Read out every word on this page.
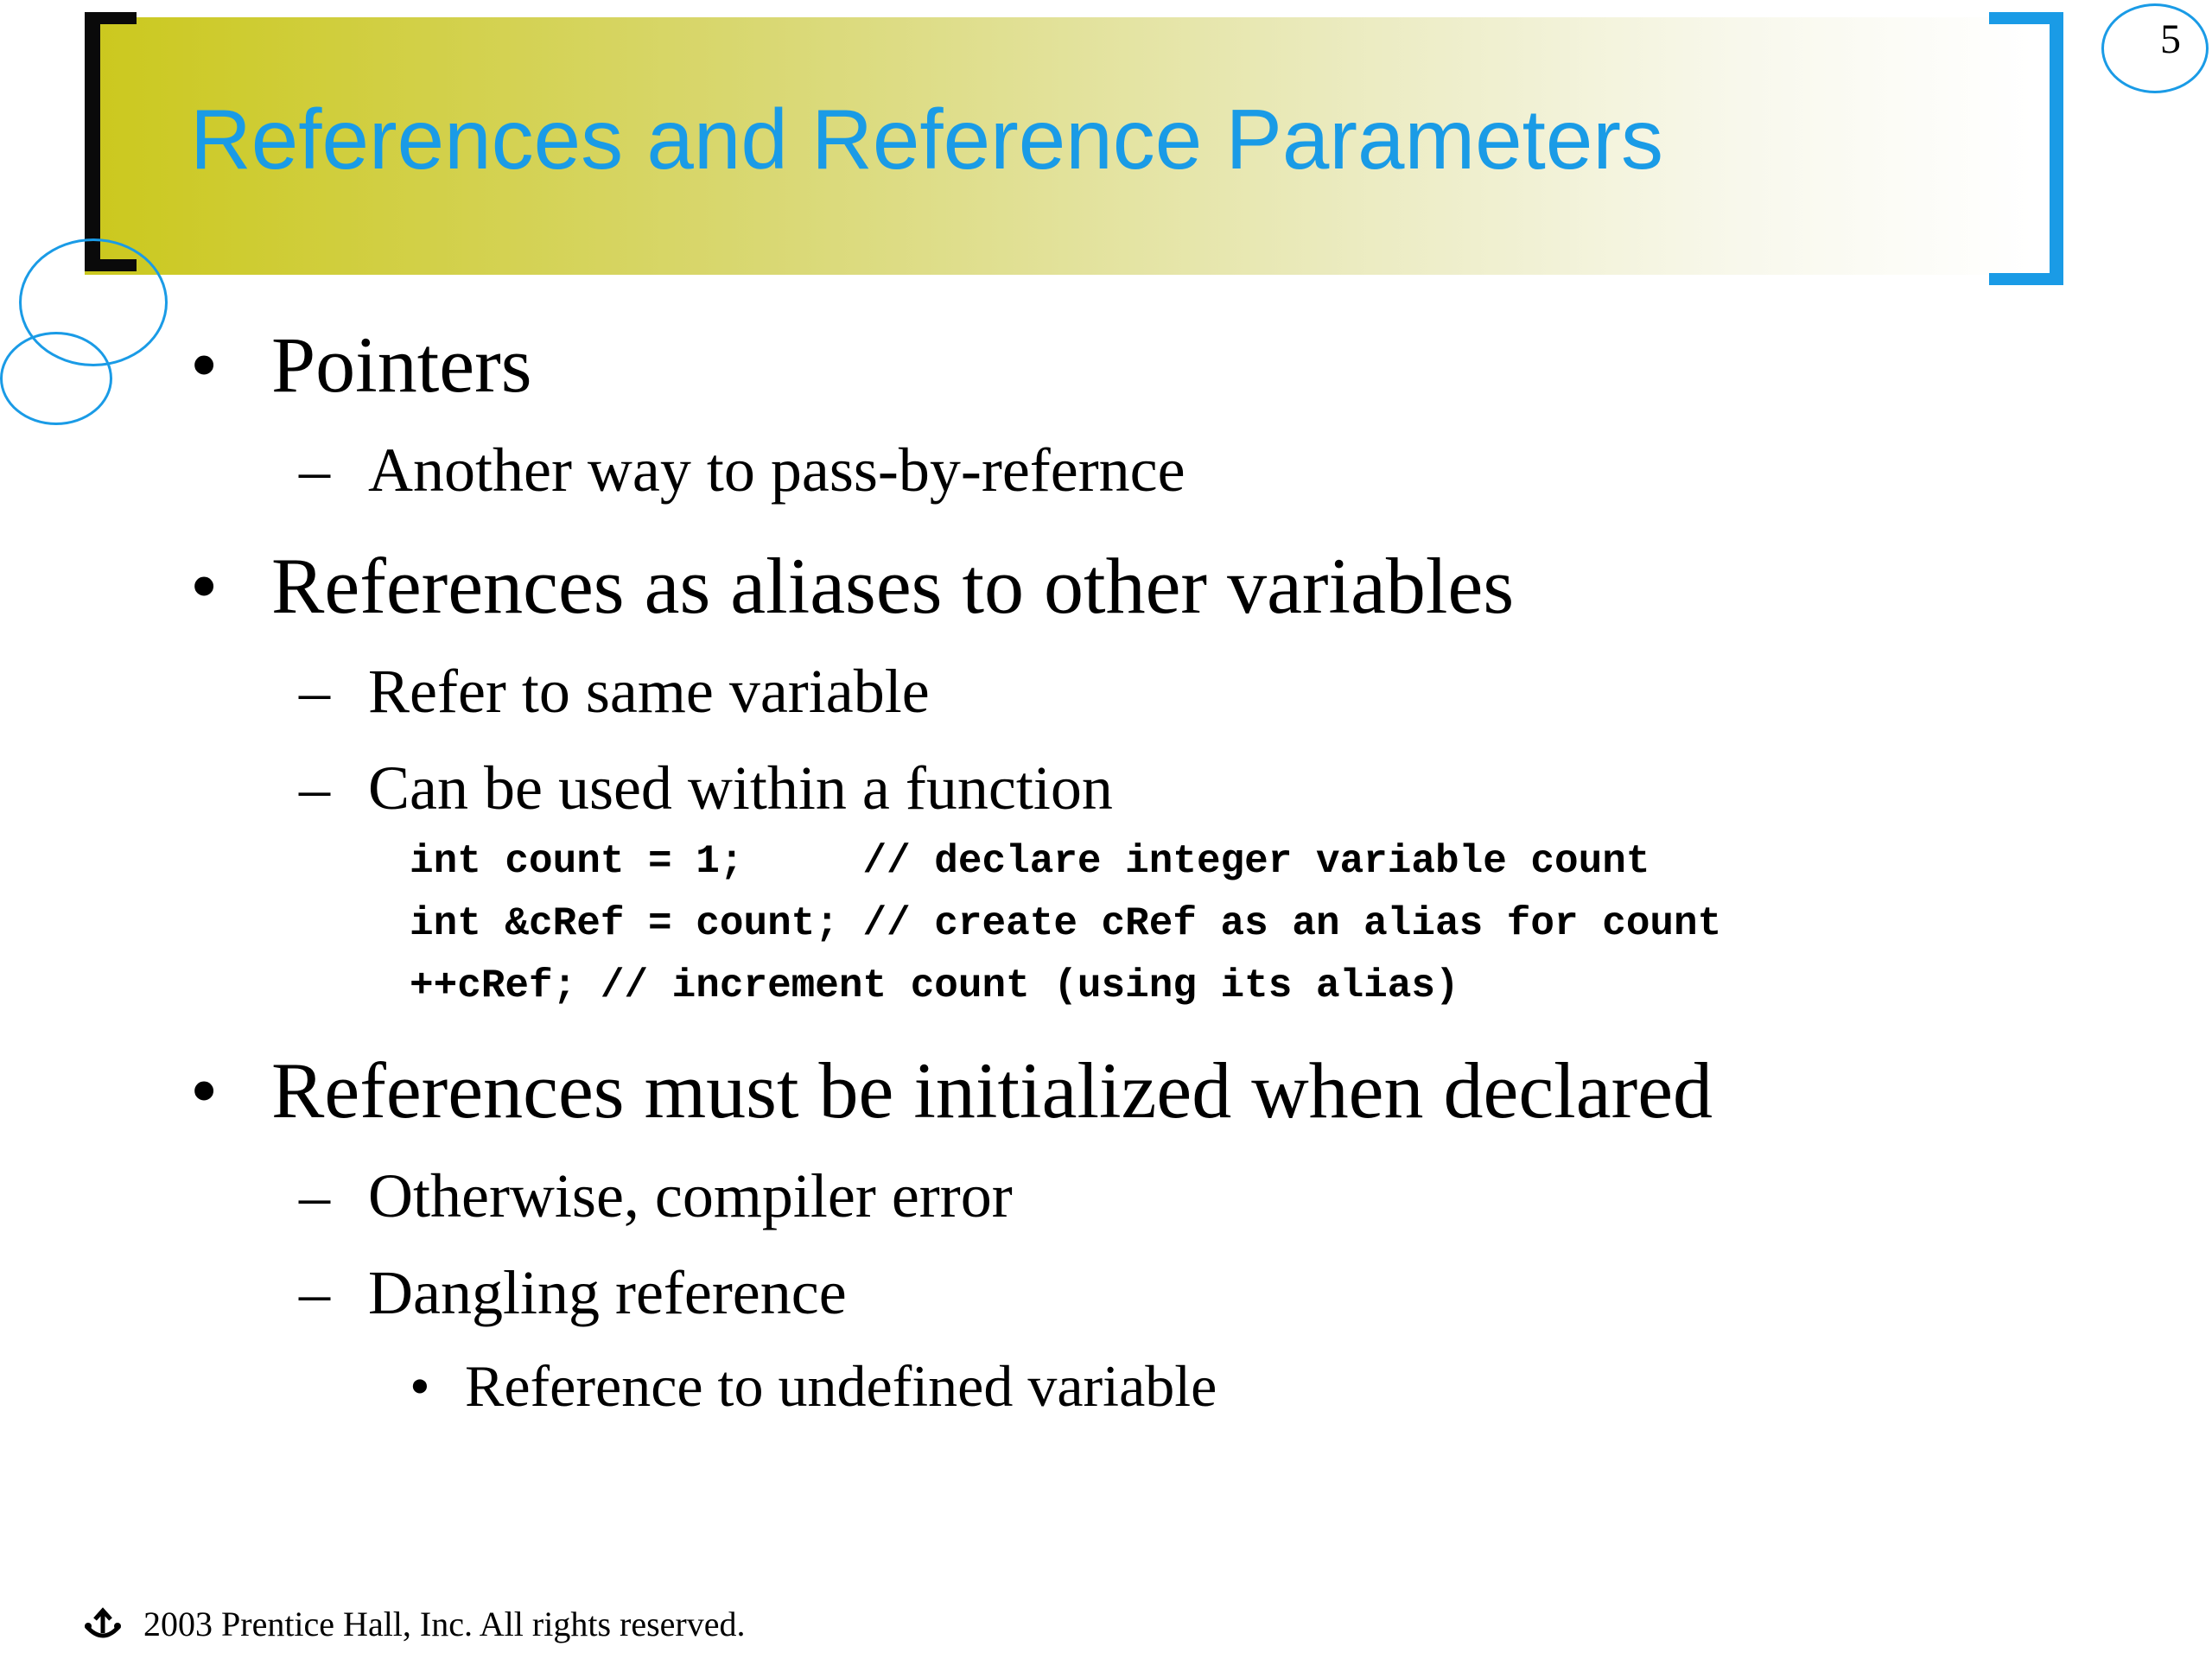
References and Reference Parameters
5
• Pointers
– Another way to pass-by-refernce
• References as aliases to other variables
– Refer to same variable
– Can be used within a function
int count = 1;     // declare integer variable count
int &cRef = count; // create cRef as an alias for count
++cRef; // increment count (using its alias)
• References must be initialized when declared
– Otherwise, compiler error
– Dangling reference
• Reference to undefined variable
2003 Prentice Hall, Inc. All rights reserved.
